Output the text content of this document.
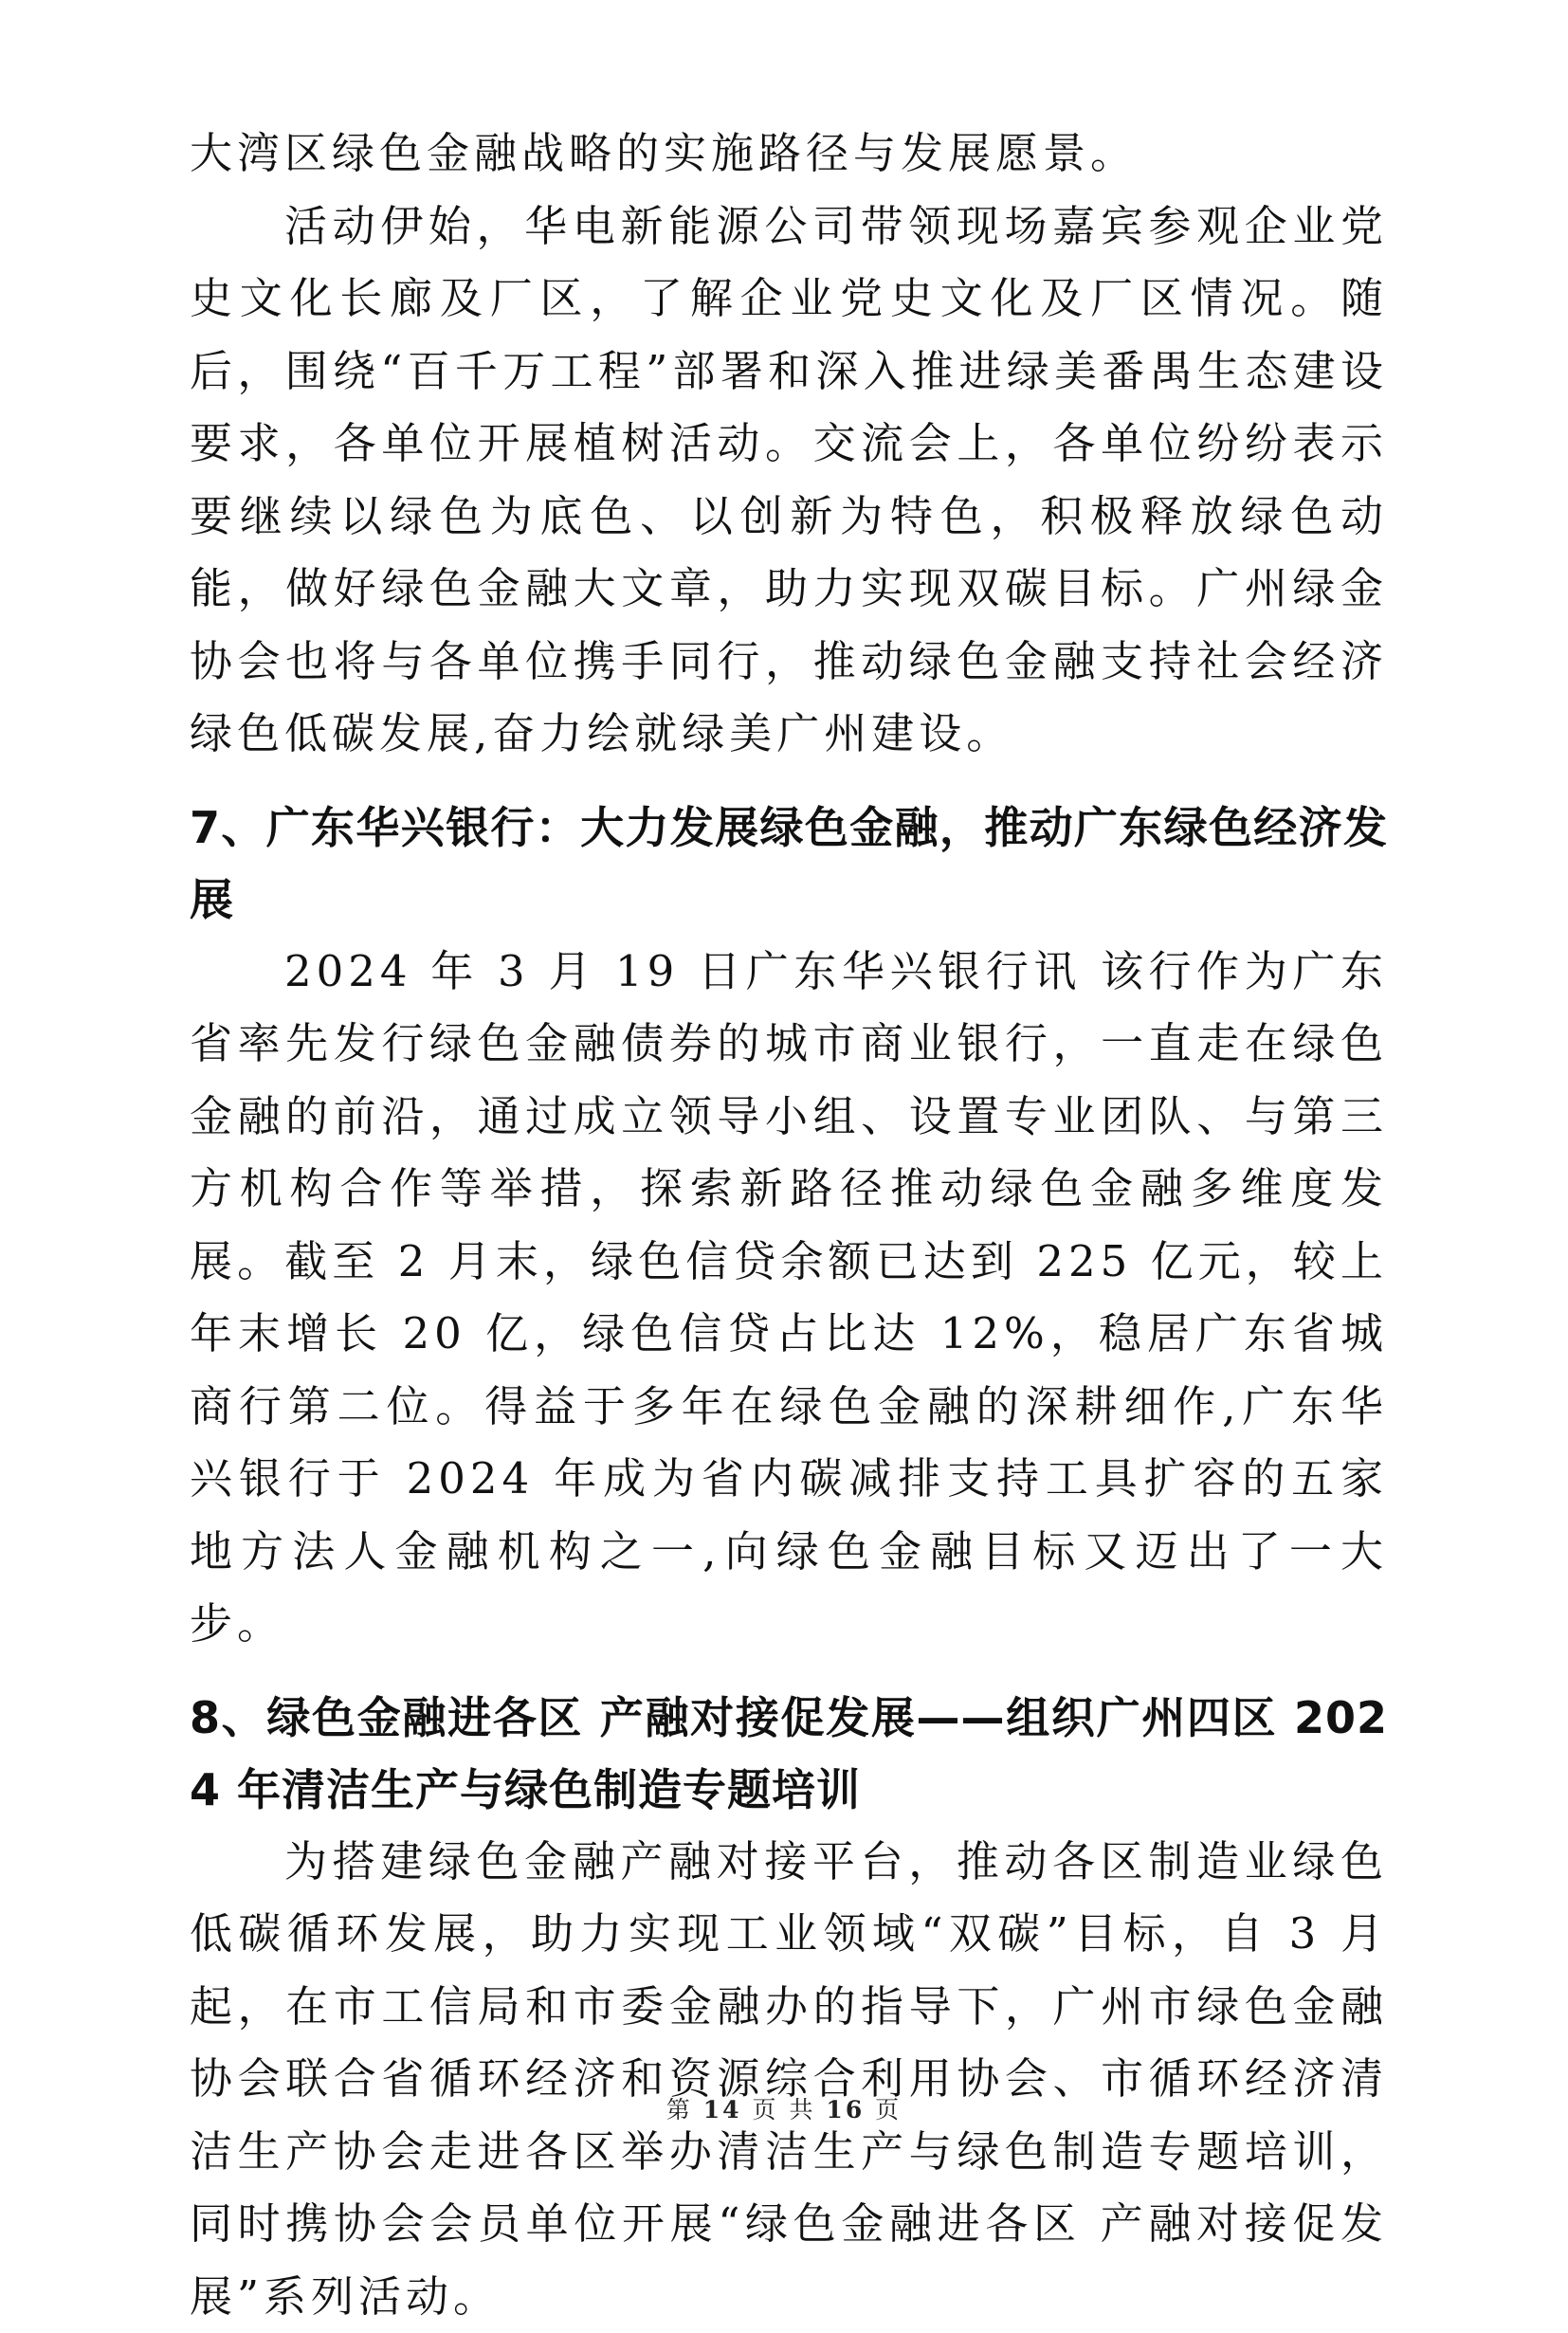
大湾区绿色金融战略的实施路径与发展愿景。

活动伊始，华电新能源公司带领现场嘉宾参观企业党史文化长廊及厂区，了解企业党史文化及厂区情况。随后，围绕“百千万工程”部署和深入推进绿美番禺生态建设要求，各单位开展植树活动。交流会上，各单位纷纷表示要继续以绿色为底色、以创新为特色，积极释放绿色动能，做好绿色金融大文章，助力实现双碳目标。广州绿金协会也将与各单位携手同行，推动绿色金融支持社会经济绿色低碳发展,奋力绘就绿美广州建设。

7、广东华兴银行：大力发展绿色金融，推动广东绿色经济发展

2024 年 3 月 19 日广东华兴银行讯 该行作为广东省率先发行绿色金融债券的城市商业银行，一直走在绿色金融的前沿，通过成立领导小组、设置专业团队、与第三方机构合作等举措，探索新路径推动绿色金融多维度发展。截至 2 月末，绿色信贷余额已达到 225 亿元，较上年末增长 20 亿，绿色信贷占比达 12%，稳居广东省城商行第二位。得益于多年在绿色金融的深耕细作,广东华兴银行于 2024 年成为省内碳减排支持工具扩容的五家地方法人金融机构之一,向绿色金融目标又迈出了一大步。

8、绿色金融进各区 产融对接促发展——组织广州四区 2024 年清洁生产与绿色制造专题培训

为搭建绿色金融产融对接平台，推动各区制造业绿色低碳循环发展，助力实现工业领域“双碳”目标，自 3 月起，在市工信局和市委金融办的指导下，广州市绿色金融协会联合省循环经济和资源综合利用协会、市循环经济清洁生产协会走进各区举办清洁生产与绿色制造专题培训，同时携协会会员单位开展“绿色金融进各区 产融对接促发展”系列活动。

第 14 页 共 16 页
